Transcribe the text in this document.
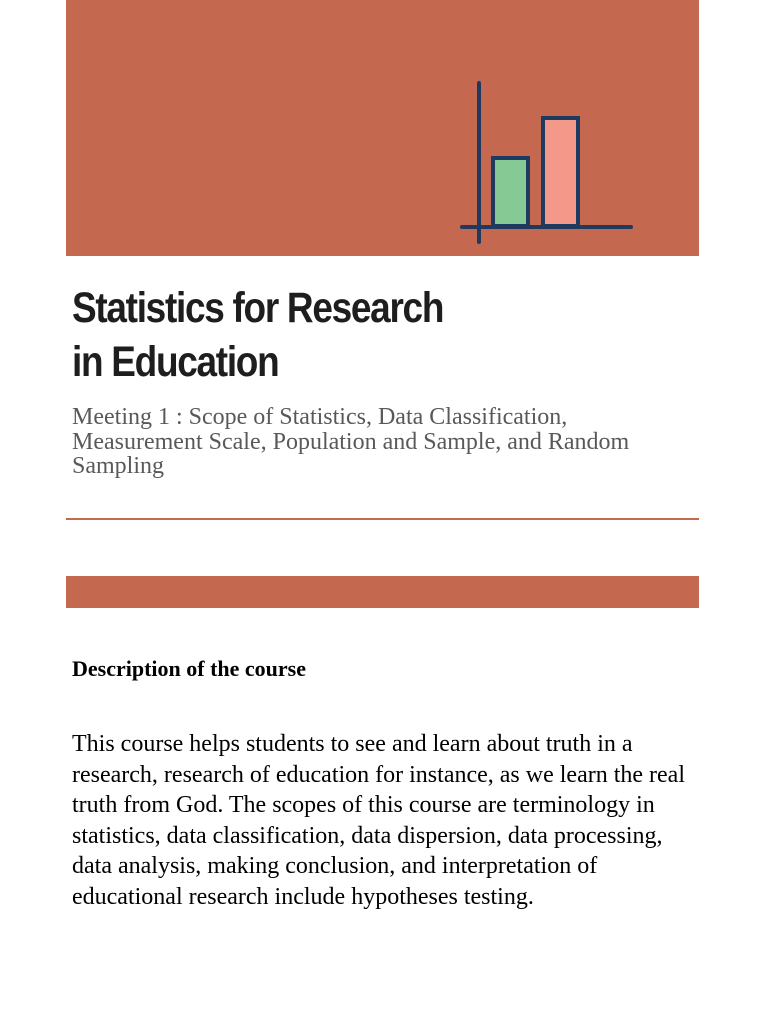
Statistics for Research
in Education

Meeting 1 : Scope of Statistics, Data Classification, Measurement Scale, Population and Sample, and Random Sampling

Description of the course

This course helps students to see and learn about truth in a research, research of education for instance, as we learn the real truth from God. The scopes of this course are terminology in statistics, data classification, data dispersion, data processing, data analysis, making conclusion, and interpretation of educational research include hypotheses testing.
